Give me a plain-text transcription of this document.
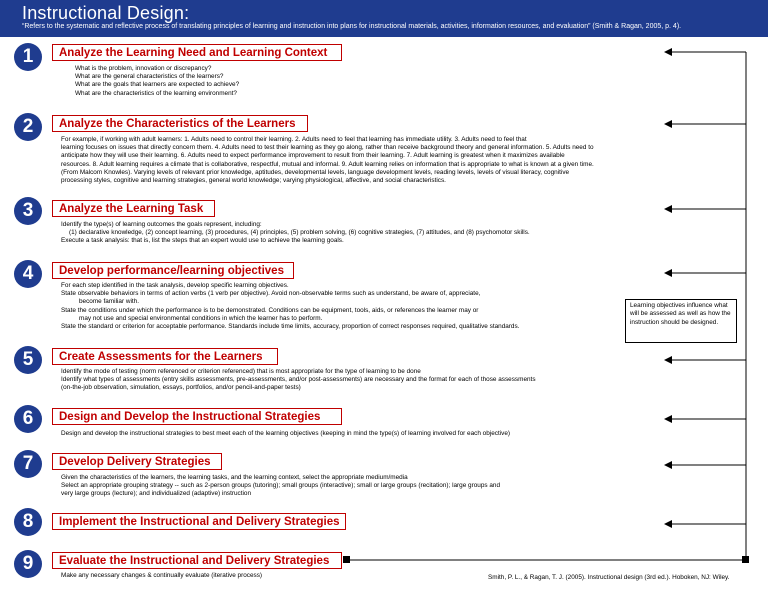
Instructional Design:
“Refers to the systematic and reflective process of translating principles of learning and instruction into plans for instructional materials, activities, information resources, and evaluation” (Smith & Ragan, 2005, p. 4).
1	Analyze the Learning Need and Learning Context
What is the problem, innovation or discrepancy?
What are the general characteristics of the learners?
What are the goals that learners are expected to achieve?
What are the characteristics of the learning environment?
2	Analyze the Characteristics of the Learners
For example, if working with adult learners: 1. Adults need to control their learning. 2. Adults need to feel that learning has immediate utility. 3. Adults need to feel that
learning focuses on issues that directly concern them. 4. Adults need to test their learning as they go along, rather than receive background theory and general information. 5. Adults need to
anticipate how they will use their learning. 6. Adults need to expect performance improvement to result from their learning. 7. Adult learning is greatest when it maximizes available
resources. 8. Adult learning requires a climate that is collaborative, respectful, mutual and informal. 9. Adult learning relies on information that is appropriate to what is known at a given time.
(From Malcom Knowles). Varying levels of relevant prior knowledge, aptitudes, developmental levels, language development levels, reading levels, levels of visual literacy, cognitive
processing styles, cognitive and learning strategies, general world knowledge; varying physiological, affective, and social characteristics.
3	Analyze the Learning Task
Identify the type(s) of learning outcomes the goals represent, including:
(1) declarative knowledge, (2) concept learning, (3) procedures, (4) principles, (5) problem solving, (6) cognitive strategies, (7) attitudes, and (8) psychomotor skills.
Execute a task analysis: that is, list the steps that an expert would use to achieve the learning goals.
4	Develop performance/learning objectives
For each step identified in the task analysis, develop specific learning objectives.
State observable behaviors in terms of action verbs (1 verb per objective). Avoid non-observable terms such as understand, be aware of, appreciate,
become familiar with.
State the conditions under which the performance is to be demonstrated. Conditions can be equipment, tools, aids, or references the learner may or
may not use and special environmental conditions in which the learner has to perform.
State the standard or criterion for acceptable performance. Standards include time limits, accuracy, proportion of correct responses required, qualitative standards.
Learning objectives influence what will be assessed as well as how the instruction should be designed.
5	Create Assessments for the Learners
Identify the mode of testing (norm referenced or criterion referenced) that is most appropriate for the type of learning to be done
Identify what types of assessments (entry skills assessments, pre-assessments, and/or post-assessments) are necessary and the format for each of those assessments
(on-the-job observation, simulation, essays, portfolios, and/or pencil-and-paper tests)
6	Design and Develop the Instructional Strategies
Design and develop the instructional strategies to best meet each of the learning objectives (keeping in mind the type(s) of learning involved for each objective)
7	Develop Delivery Strategies
Given the characteristics of the learners, the learning tasks, and the learning context, select the appropriate medium/media
Select an appropriate grouping strategy -- such as 2-person groups (tutoring); small groups (interactive); small or large groups (recitation); large groups and
very large groups (lecture); and individualized (adaptive) instruction
8	Implement the Instructional and Delivery Strategies
9	Evaluate the Instructional and Delivery Strategies
Make any necessary changes & continually evaluate (iterative process)	Smith, P. L., & Ragan, T. J. (2005). Instructional design (3rd ed.). Hoboken, NJ: Wiley.
